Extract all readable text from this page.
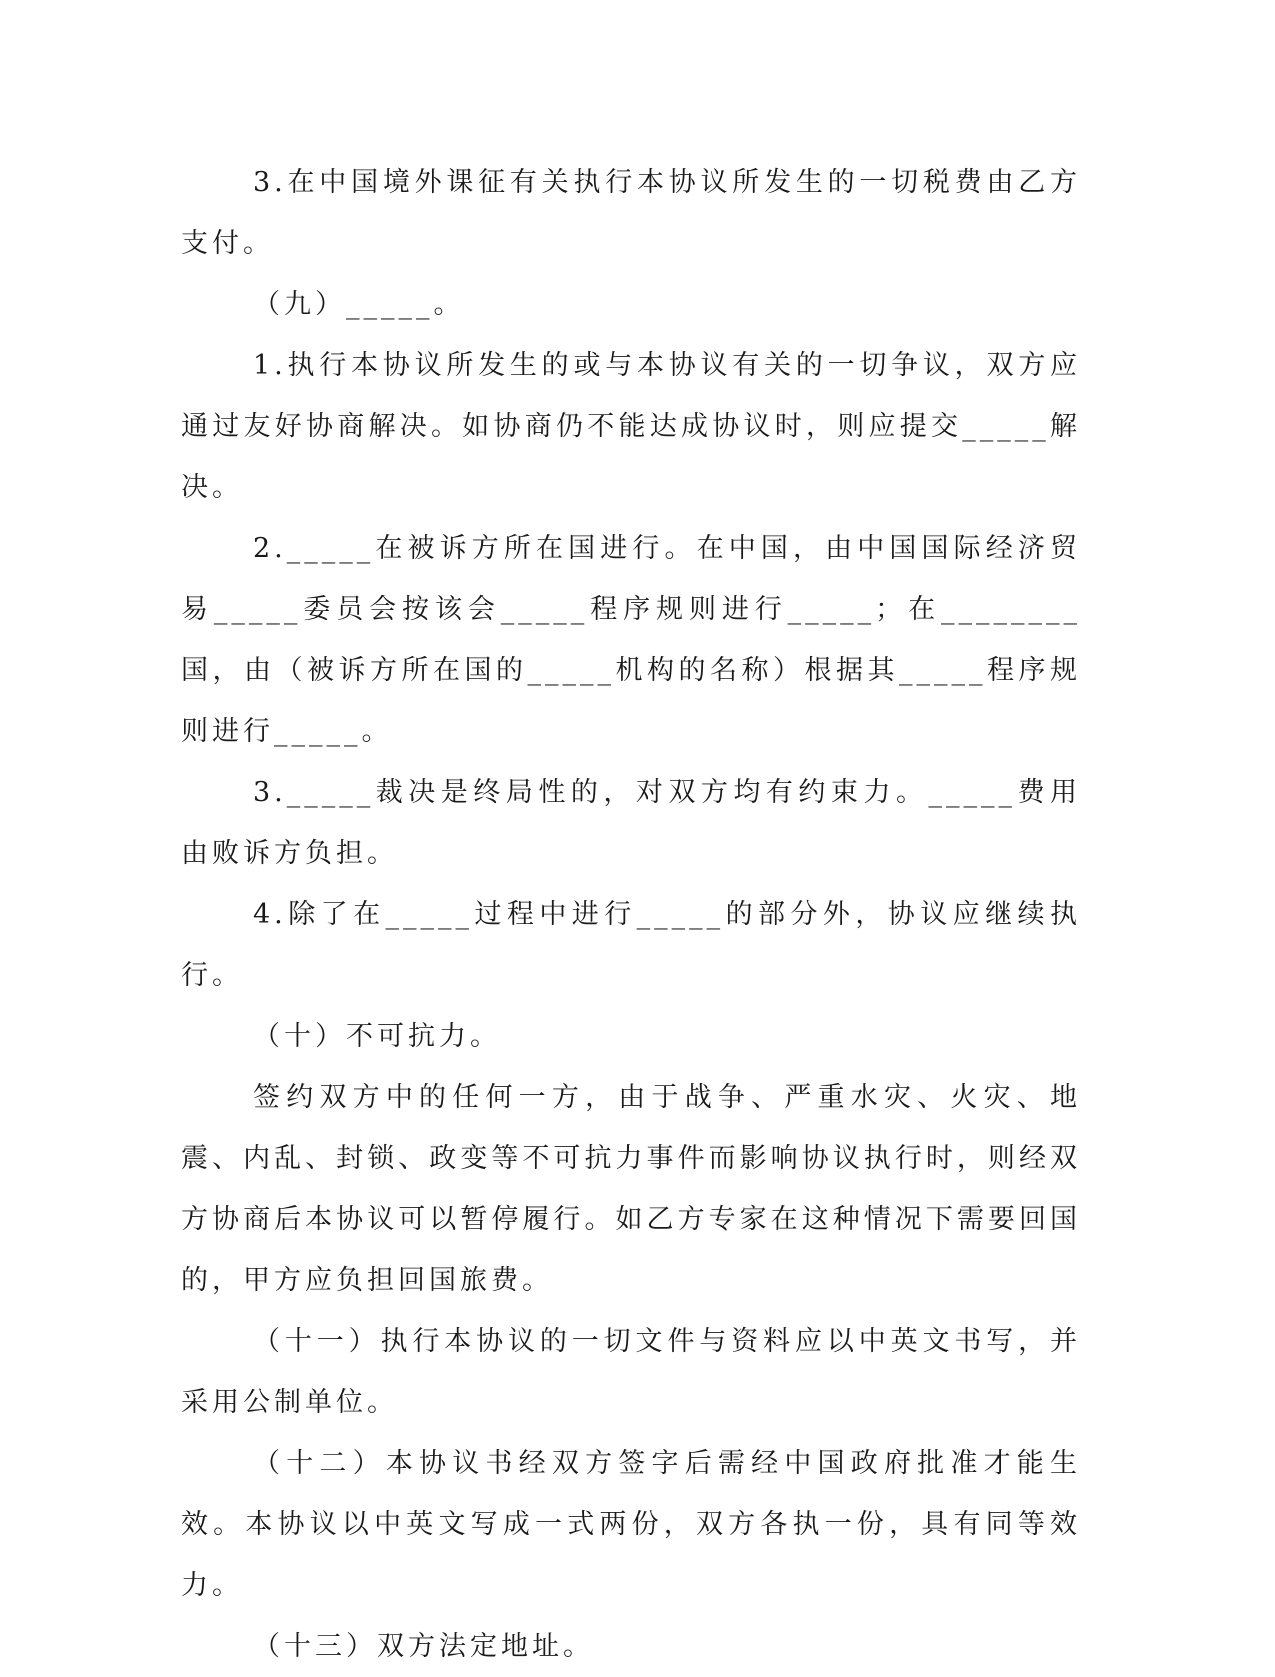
3.在中国境外课征有关执行本协议所发生的一切税费由乙方支付。

（九）_____。

1.执行本协议所发生的或与本协议有关的一切争议，双方应通过友好协商解决。如协商仍不能达成协议时，则应提交_____解决。

2._____在被诉方所在国进行。在中国，由中国国际经济贸易_____委员会按该会_____程序规则进行_____；在________国，由（被诉方所在国的_____机构的名称）根据其_____程序规则进行_____。

3._____裁决是终局性的，对双方均有约束力。_____费用由败诉方负担。

4.除了在_____过程中进行_____的部分外，协议应继续执行。

（十）不可抗力。

签约双方中的任何一方，由于战争、严重水灾、火灾、地震、内乱、封锁、政变等不可抗力事件而影响协议执行时，则经双方协商后本协议可以暂停履行。如乙方专家在这种情况下需要回国的，甲方应负担回国旅费。

（十一）执行本协议的一切文件与资料应以中英文书写，并采用公制单位。

（十二）本协议书经双方签字后需经中国政府批准才能生效。本协议以中英文写成一式两份，双方各执一份，具有同等效力。

（十三）双方法定地址。
